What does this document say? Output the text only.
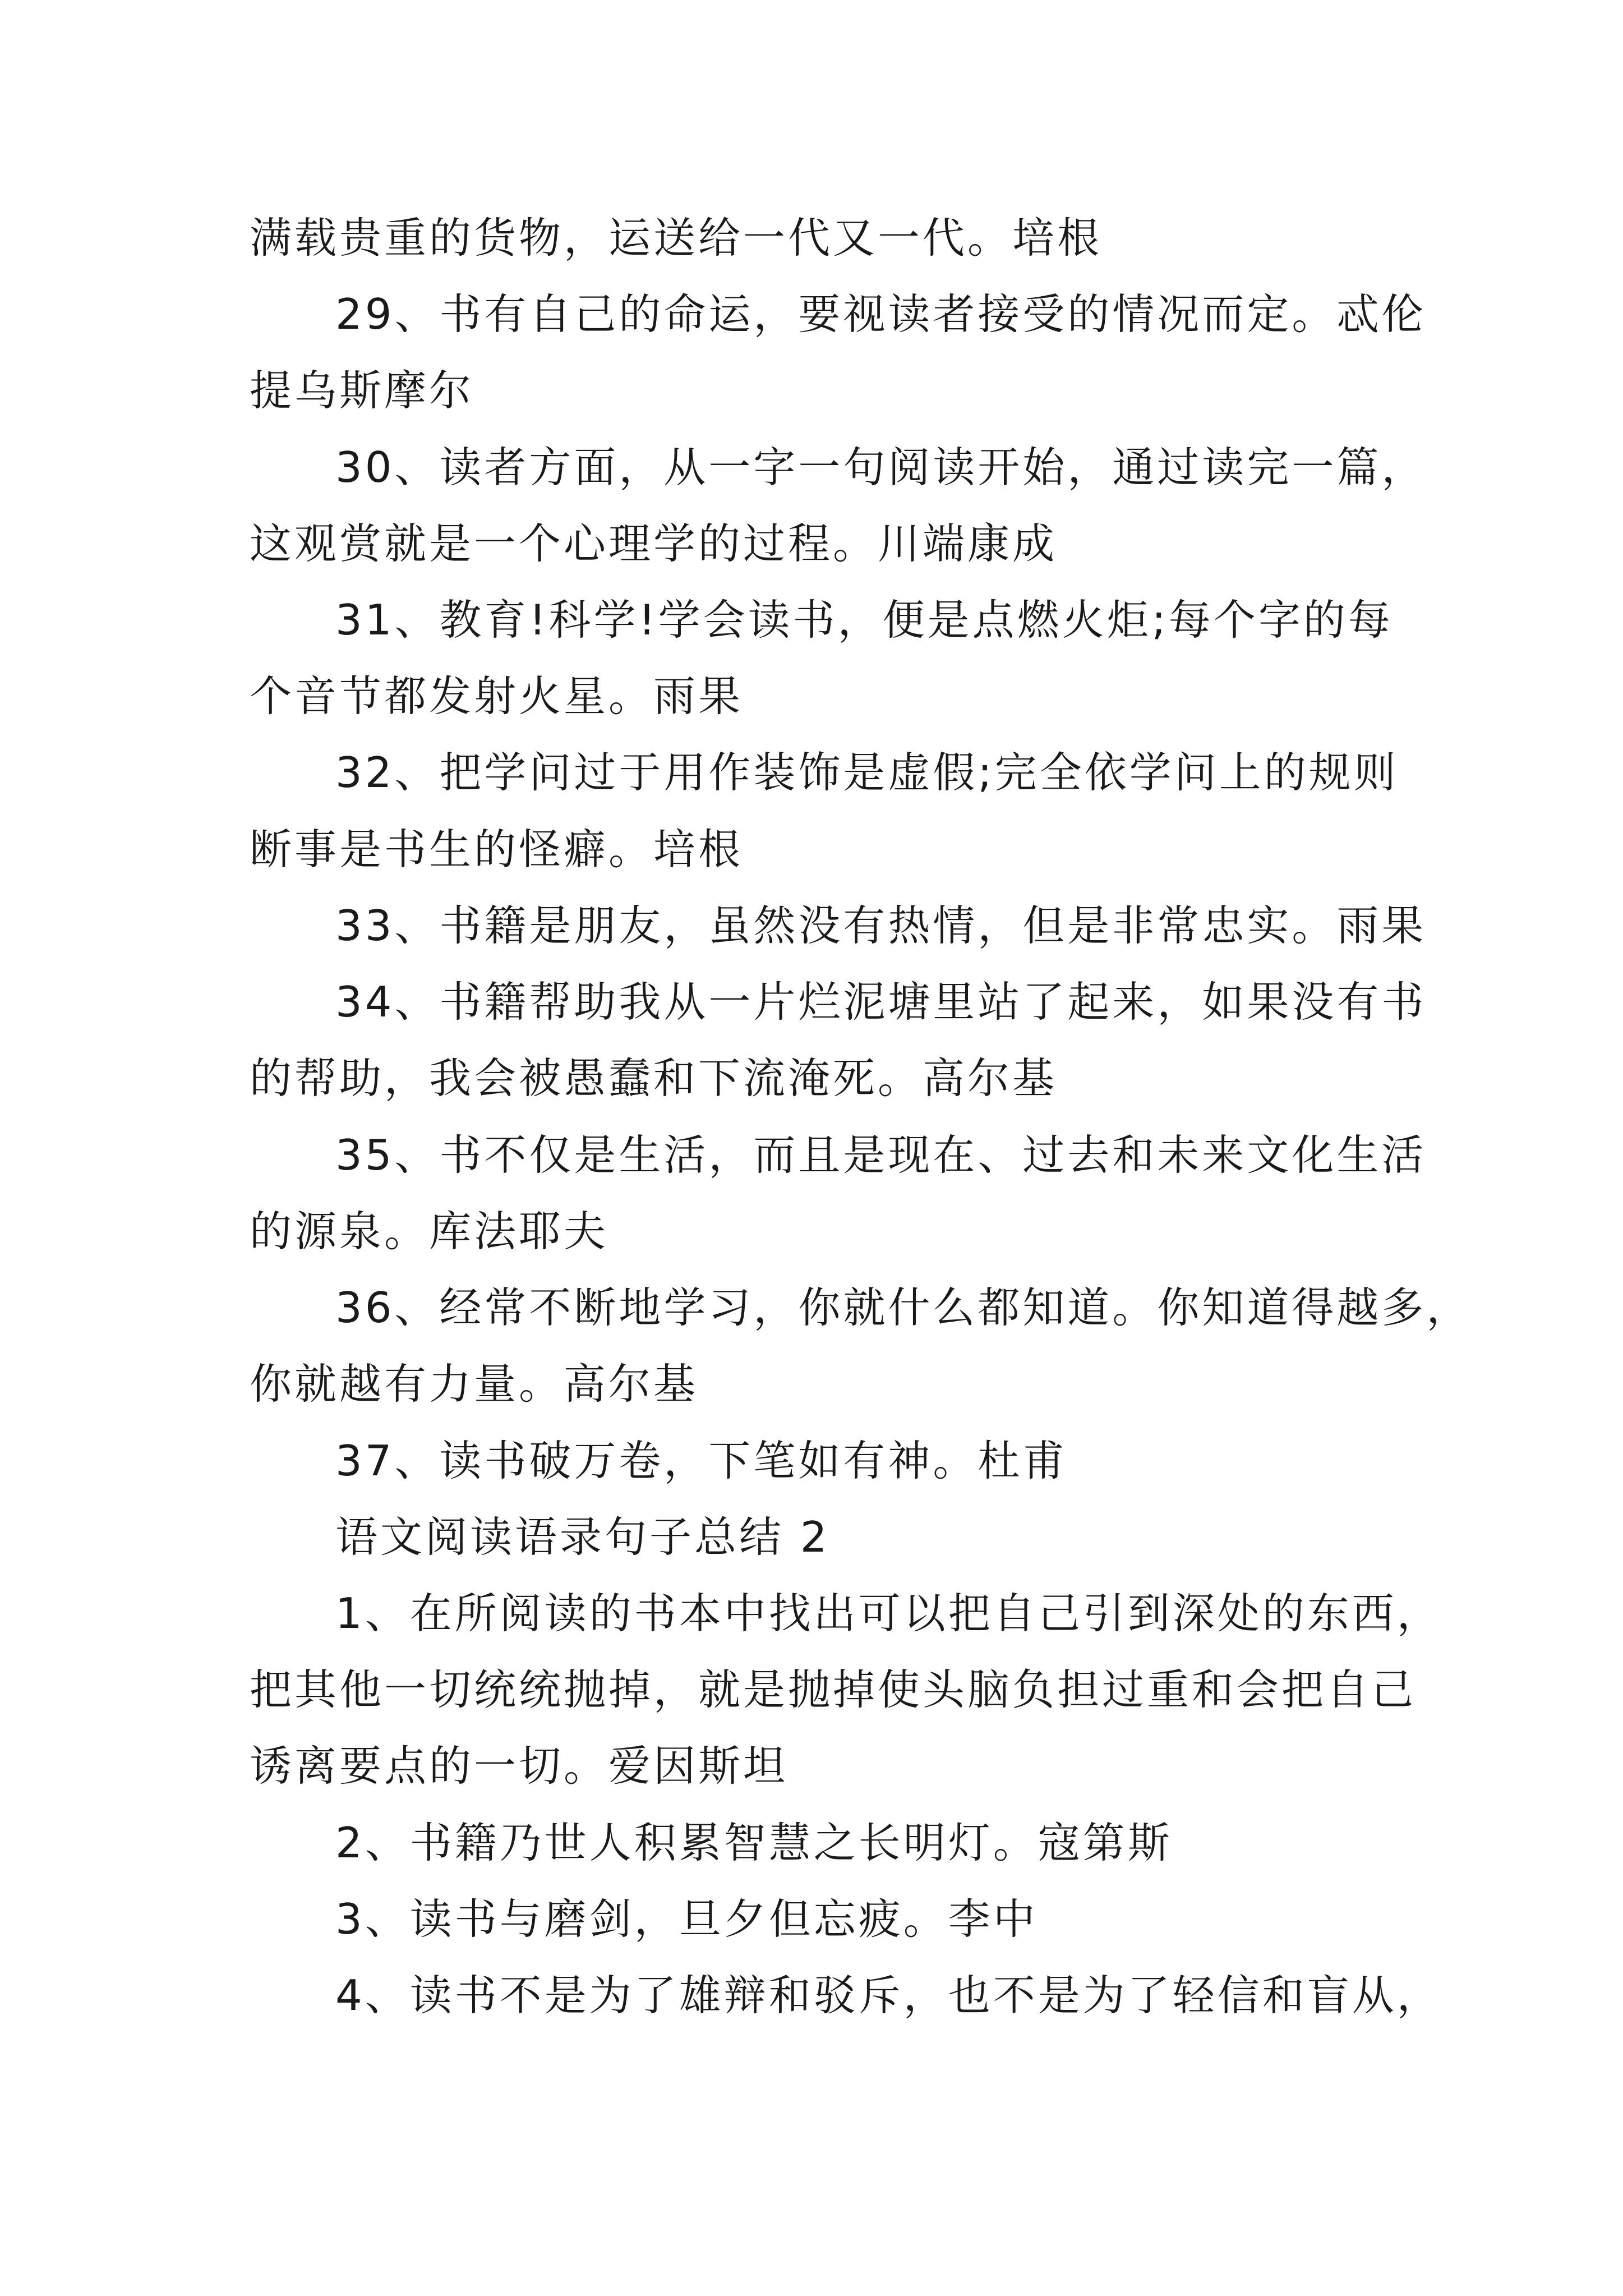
满载贵重的货物，运送给一代又一代。培根
29、书有自己的命运，要视读者接受的情况而定。忒伦
提乌斯摩尔
30、读者方面，从一字一句阅读开始，通过读完一篇，
这观赏就是一个心理学的过程。川端康成
31、教育!科学!学会读书，便是点燃火炬;每个字的每
个音节都发射火星。雨果
32、把学问过于用作装饰是虚假;完全依学问上的规则
断事是书生的怪癖。培根
33、书籍是朋友，虽然没有热情，但是非常忠实。雨果
34、书籍帮助我从一片烂泥塘里站了起来，如果没有书
的帮助，我会被愚蠢和下流淹死。高尔基
35、书不仅是生活，而且是现在、过去和未来文化生活
的源泉。库法耶夫
36、经常不断地学习，你就什么都知道。你知道得越多，
你就越有力量。高尔基
37、读书破万卷，下笔如有神。杜甫
语文阅读语录句子总结 2
1、在所阅读的书本中找出可以把自己引到深处的东西，
把其他一切统统抛掉，就是抛掉使头脑负担过重和会把自己
诱离要点的一切。爱因斯坦
2、书籍乃世人积累智慧之长明灯。寇第斯
3、读书与磨剑，旦夕但忘疲。李中
4、读书不是为了雄辩和驳斥，也不是为了轻信和盲从，
